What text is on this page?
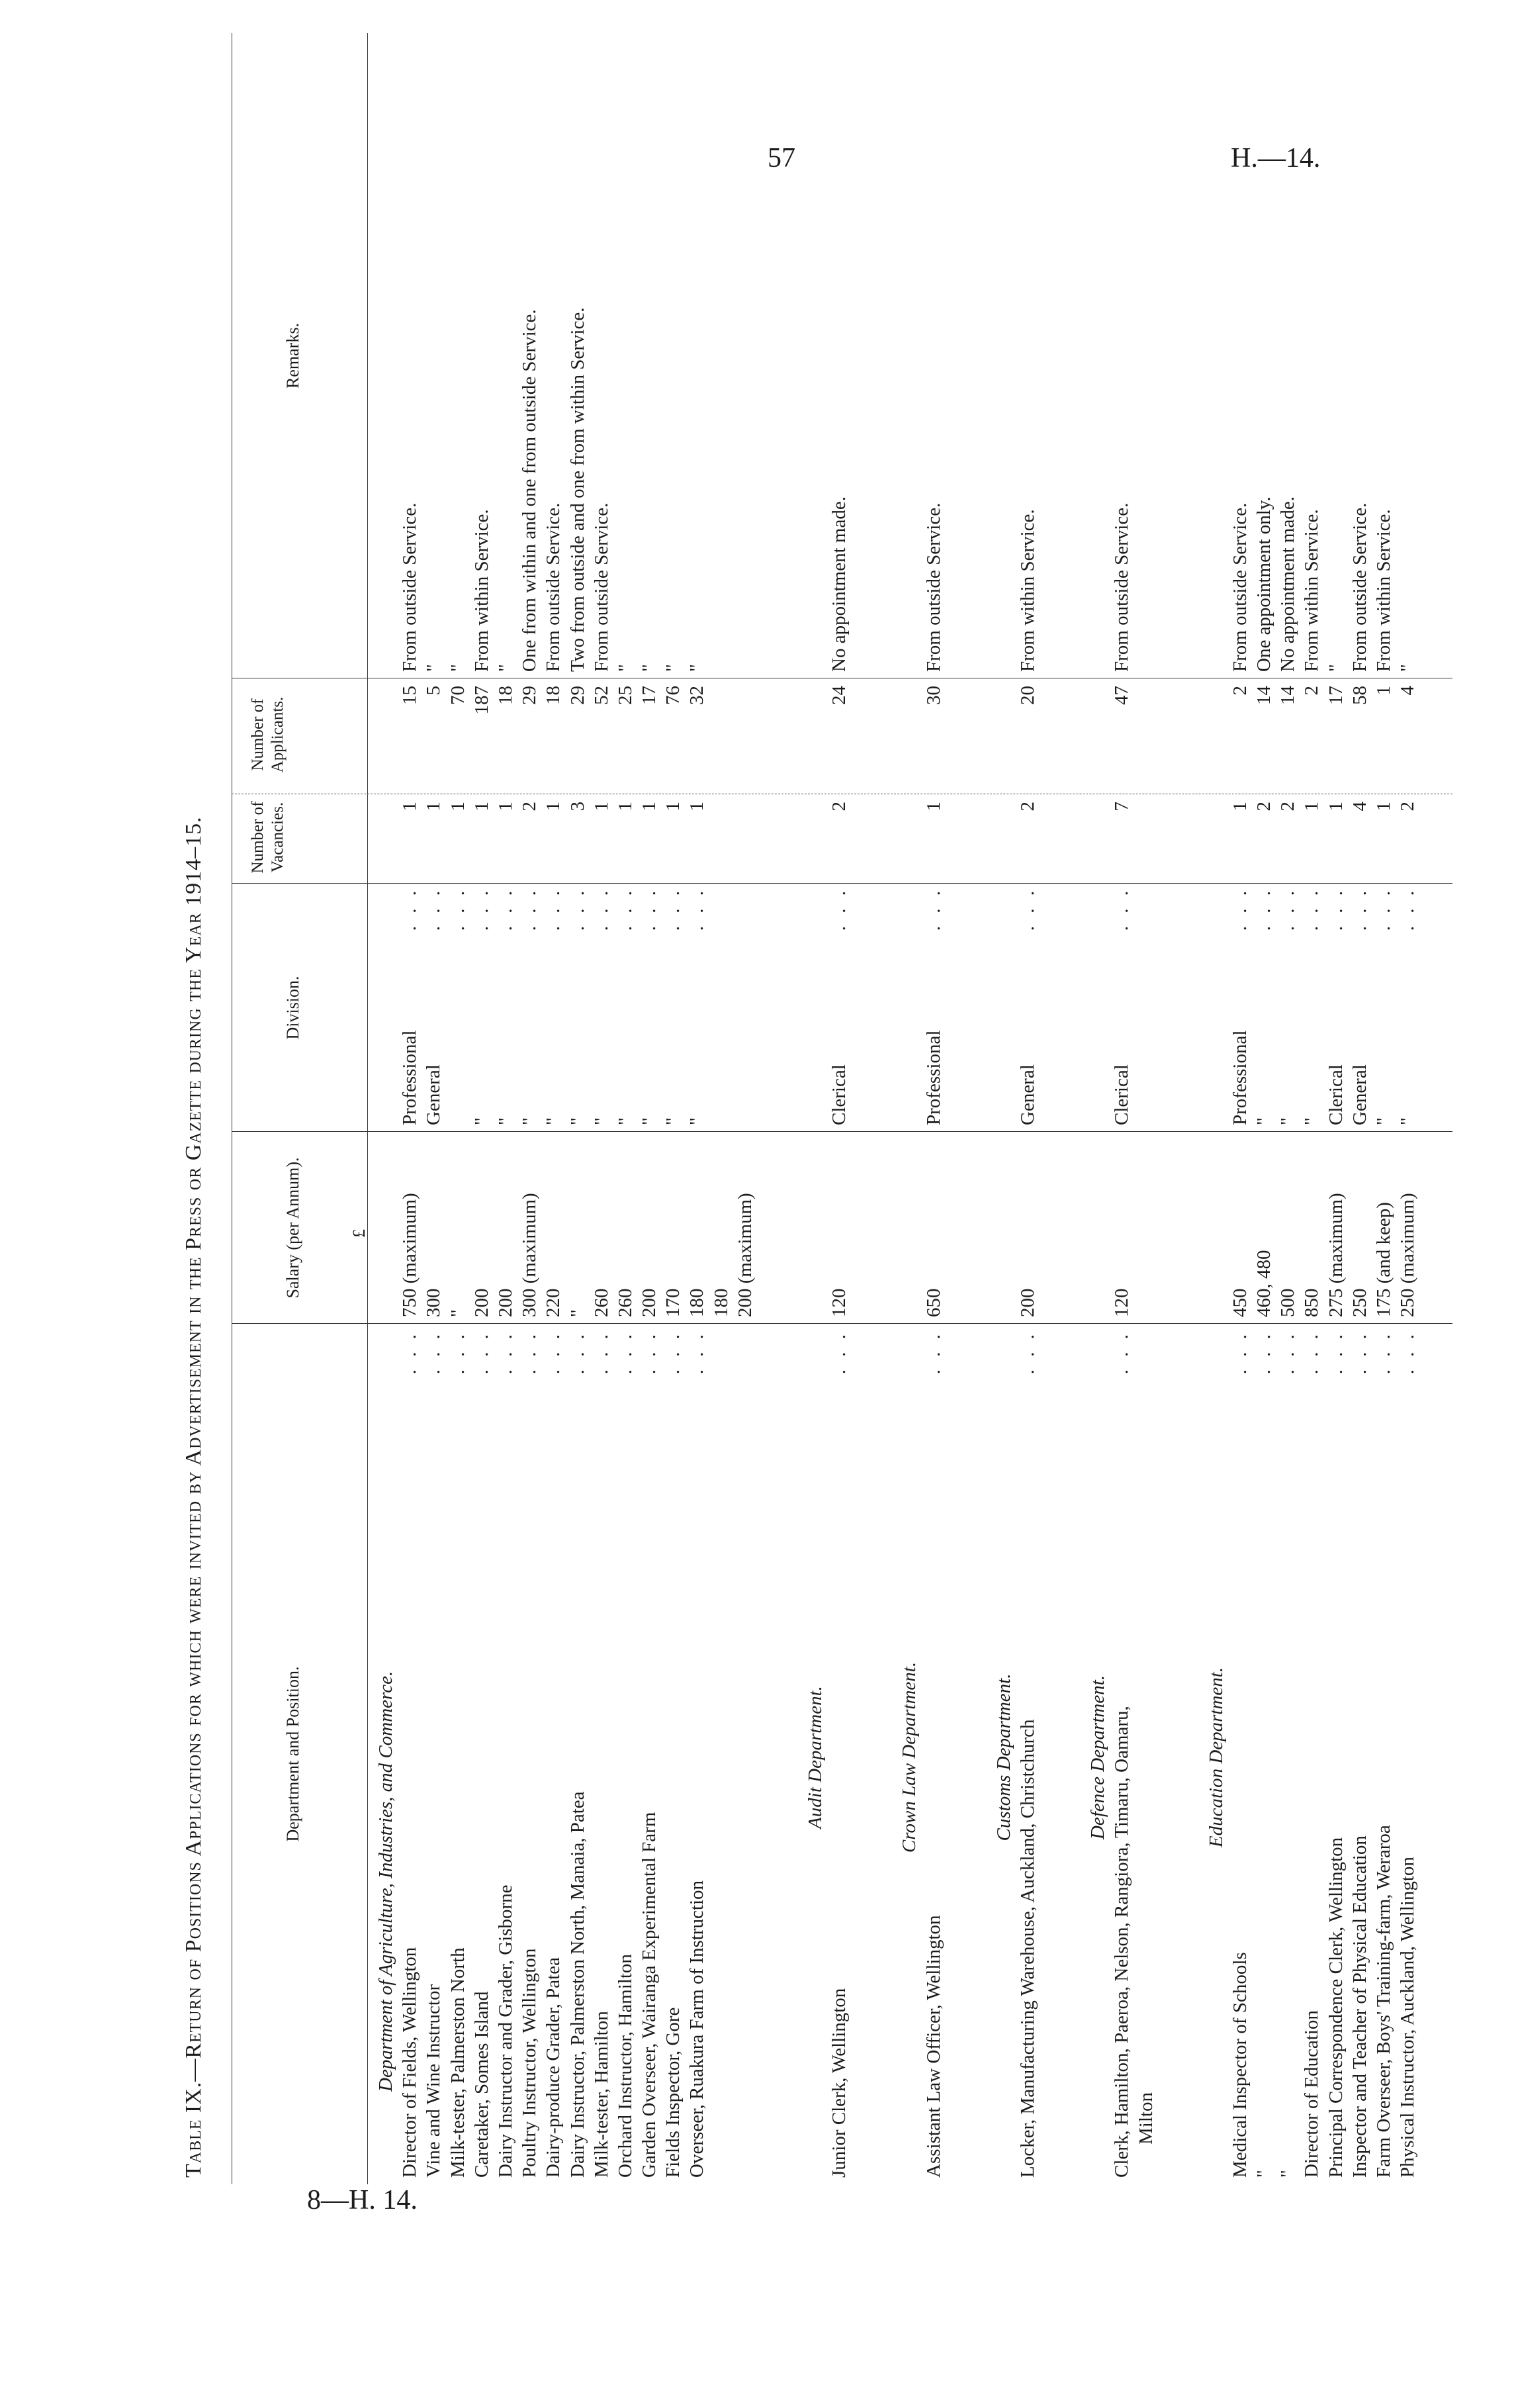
57	H.—14.
Table IX.—Return of Positions Applications for which were invited by Advertisement in the Press or Gazette during the Year 1914–15.	Department and Position.
Salary (per Annum).
Division.
Number of Vacancies.
Number of Applicants.
Remarks.
£
Department of Agriculture, Industries, and Commerce. Director of Fields, Wellington
. . .
750 (maximum)
Professional
. . .
1
15
From outside Service.
Vine and Wine Instructor
. . .
300
General
. . .
1
5
"
Milk-tester, Palmerston North
. . .
"
. . .
1
70
"
Caretaker, Somes Island
. . .
200
"
. . .
1
187
From within Service.
Dairy Instructor and Grader, Gisborne
. . .
200
"
. . .
1
18
"
Poultry Instructor, Wellington
. . .
300 (maximum)
"
. . .
2
29
One from within and one from outside Service.
Dairy-produce Grader, Patea
. . .
220
"
. . .
1
18
From outside Service.
Dairy Instructor, Palmerston North, Manaia, Patea
. . .
"
"
. . .
3
29
Two from outside and one from within Service.
Milk-tester, Hamilton
. . .
260
"
. . .
1
52
From outside Service.
Orchard Instructor, Hamilton
. . .
260
"
. . .
1
25
"
Garden Overseer, Wairanga Experimental Farm
. . .
200
"
. . .
1
17
"
Fields Inspector, Gore
. . .
170
"
. . .
1
76
"
Overseer, Ruakura Farm of Instruction
. . .
180
"
. . .
1
32
"
180 200 (maximum)
Audit Department.
Junior Clerk, Wellington
. . .
120
Clerical
. . .
2
24
No appointment made.
Crown Law Department.
Assistant Law Officer, Wellington
. . .
650
Professional
. . .
1
30
From outside Service.
Customs Department. Locker, Manufacturing Warehouse, Auckland, Christchurch
. . .
200
General
. . .
2
20
From within Service.
Defence Department. Clerk, Hamilton, Paeroa, Nelson, Rangiora, Timaru, Oamaru,
. . .
120
Clerical
. . .
7
47
From outside Service.
Milton
Education Department.
Medical Inspector of Schools
. . .
450
Professional
. . .
1
2
From outside Service.
"
. . .
460, 480
"
. . .
2
14
One appointment only.
"
. . .
500
"
. . .
2
14
No appointment made.
Director of Education
. . .
850
"
. . .
1
2
From within Service.
Principal Correspondence Clerk, Wellington
. . .
275 (maximum)
Clerical
. . .
1
17
"
Inspector and Teacher of Physical Education
. . .
250
General
. . .
4
58
From outside Service.
Farm Overseer, Boys' Training-farm, Weraroa
. . .
175 (and keep)
"
. . .
1
1
From within Service.
Physical Instructor, Auckland, Wellington
. . .
250 (maximum)
"
. . .
2
4
"
8—H. 14.
